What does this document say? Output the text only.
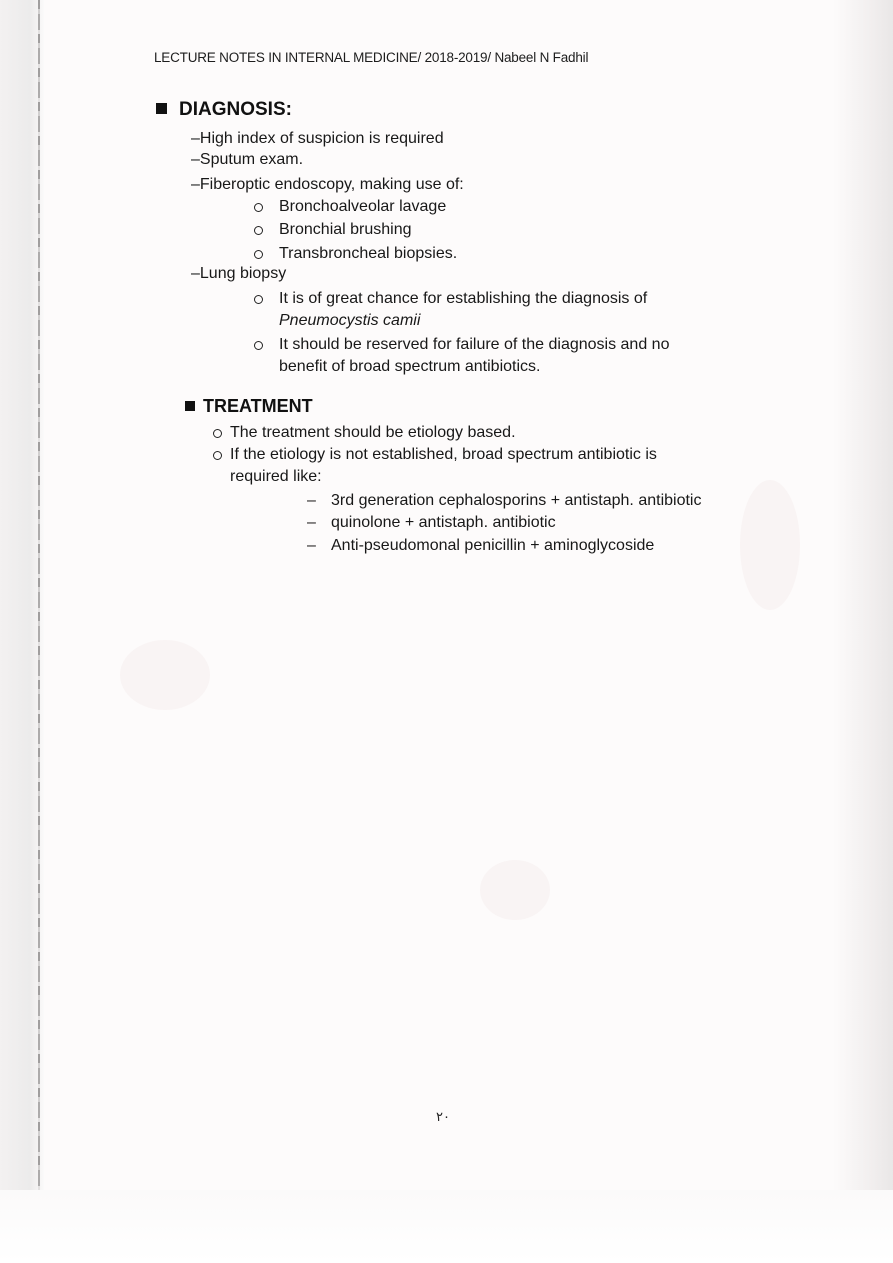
LECTURE NOTES IN INTERNAL MEDICINE/ 2018-2019/ Nabeel N Fadhil
DIAGNOSIS:
–High index of suspicion is required
–Sputum exam.
–Fiberoptic endoscopy, making use of:
Bronchoalveolar lavage
Bronchial brushing
Transbroncheal biopsies.
–Lung biopsy
It is of great chance for establishing the diagnosis of
Pneumocystis camii
It should be reserved for failure of the diagnosis and no
benefit of broad spectrum antibiotics.
TREATMENT
The treatment should be etiology based.
If the etiology is not established, broad spectrum antibiotic is
required like:
– 3rd generation cephalosporins + antistaph. antibiotic
– quinolone + antistaph. antibiotic
– Anti-pseudomonal penicillin + aminoglycoside
٢٠
